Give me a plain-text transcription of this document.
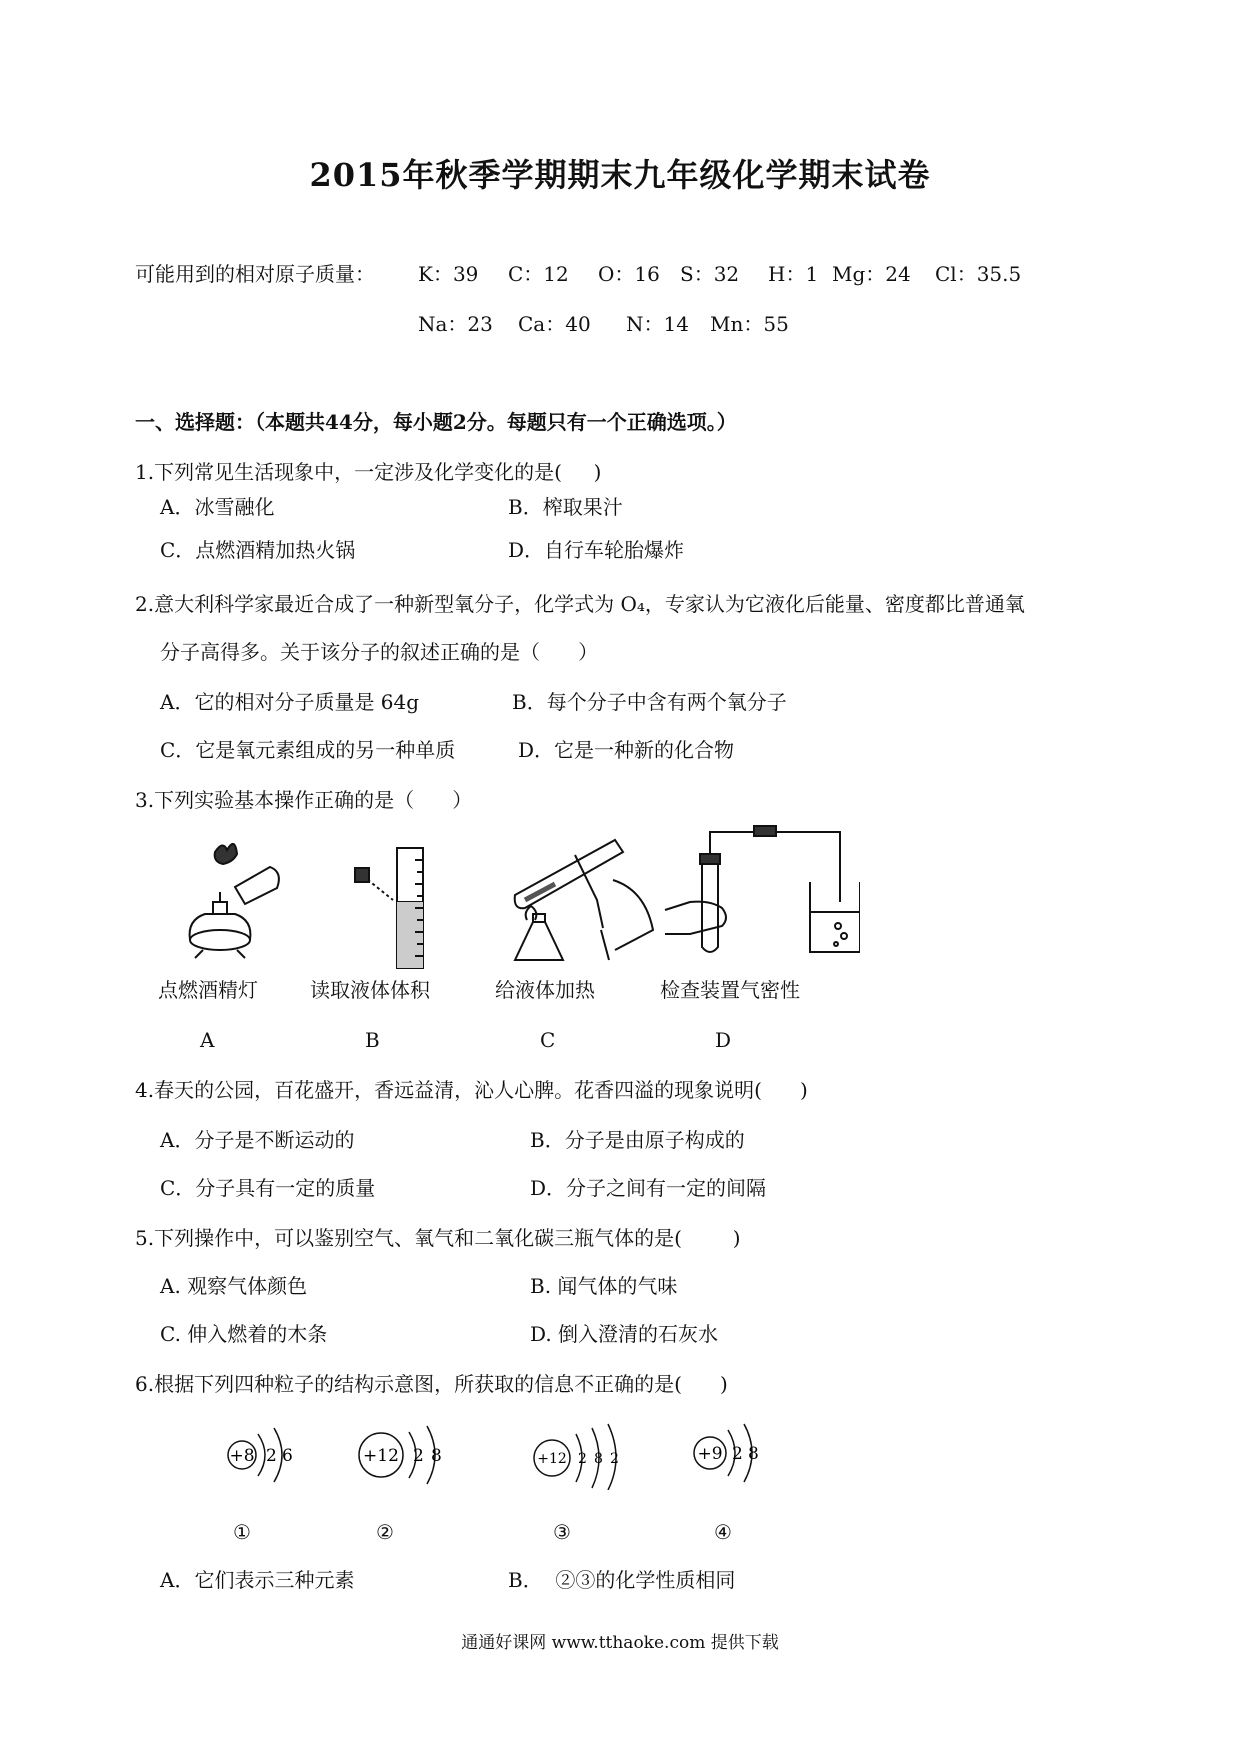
2015年秋季学期期末九年级化学期末试卷
可能用到的相对原子质量： K：39 C：12 O：16 S：32 H：1 Mg：24 Cl：35.5
Na：23 Ca：40 N：14 Mn：55
一、选择题：（本题共44分，每小题2分。每题只有一个正确选项。）
1.下列常见生活现象中，一定涉及化学变化的是(     )
A．冰雪融化	B．榨取果汁
C．点燃酒精加热火锅	D．自行车轮胎爆炸
2.意大利科学家最近合成了一种新型氧分子，化学式为 O₄，专家认为它液化后能量、密度都比普通氧
分子高得多。关于该分子的叙述正确的是（      ）
A．它的相对分子质量是 64g	B．每个分子中含有两个氧分子
C．它是氧元素组成的另一种单质	D．它是一种新的化合物
3.下列实验基本操作正确的是（      ）
点燃酒精灯	读取液体体积	给液体加热	检查装置气密性
A	B	C	D
4.春天的公园，百花盛开，香远益清，沁人心脾。花香四溢的现象说明(      )
A．分子是不断运动的	B．分子是由原子构成的
C．分子具有一定的质量	D．分子之间有一定的间隔
5.下列操作中，可以鉴别空气、氧气和二氧化碳三瓶气体的是(        )
A. 观察气体颜色	B. 闻气体的气味
C. 伸入燃着的木条	D. 倒入澄清的石灰水
6.根据下列四种粒子的结构示意图，所获取的信息不正确的是(      )
+8 2 6	+12 2 8	+12 2 8 2	+9 2 8
①	②	③	④
A．它们表示三种元素	B．  ②③的化学性质相同
通通好课网 www.tthaoke.com 提供下载
